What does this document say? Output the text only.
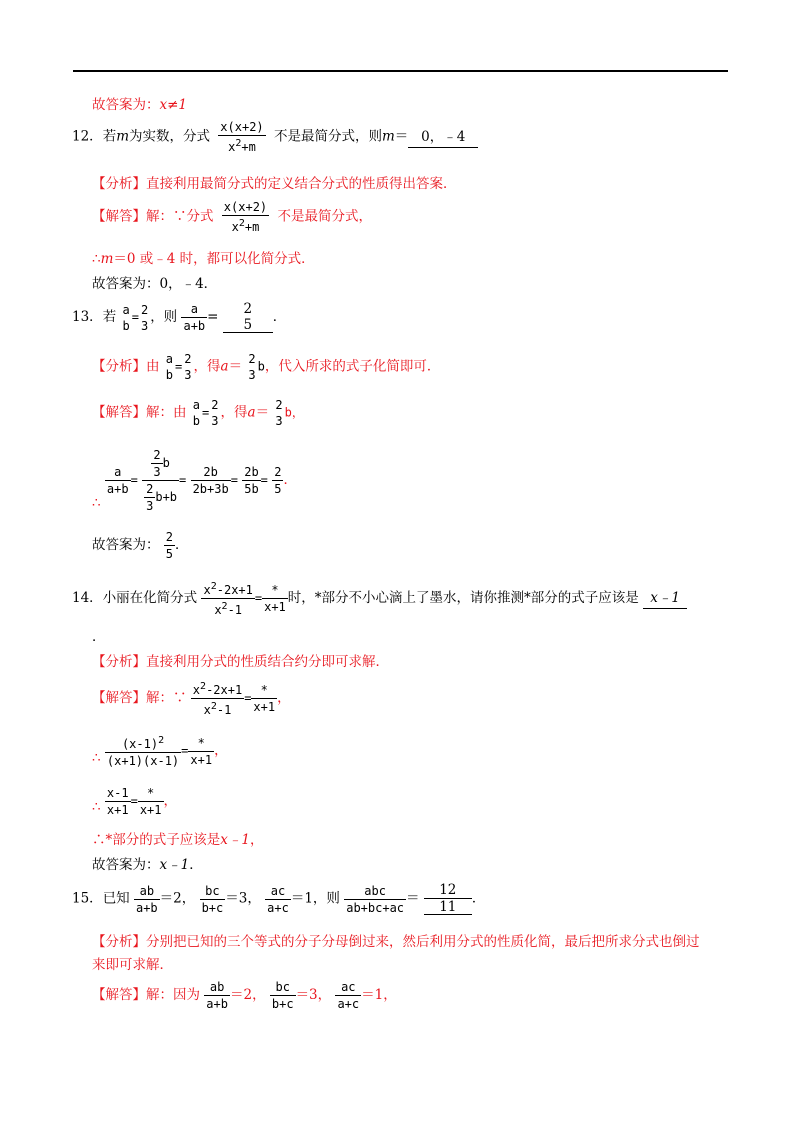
故答案为：x≠1
12．若m为实数，分式 $\frac{x(x+2)}{x^2+m}$ 不是最简分式，则m＝ 0，﹣4
【分析】直接利用最简分式的定义结合分式的性质得出答案．
【解答】解：∵分式 $\frac{x(x+2)}{x^2+m}$ 不是最简分式，
∴m＝0 或﹣4 时，都可以化简分式．
故答案为：0，﹣4．
13．若 a
b
=
2
3
，则 $\frac{a}{a+b}$ =	2
5	．
【分析】由 a
b
=
2
3
，得a＝ 2
3
b，代入所求的式子化简即可．
【解答】解：由 a
b
=
2
3
，得a＝ 2
3
b，
∴
$\frac{a}{a+b} = \frac{\frac{2}{3} b}{\frac{2}{3} b+b} = \frac{2b}{2b+3b} = \frac{2b}{5b} = \frac{2}{5}$ ．
故答案为： $\frac{2}{5}$ ．
14．小丽在化简分式 $\frac{x^2-2x+1}{x^2-1} = \frac{*}{x+1}$ 时，*部分不小心滴上了墨水，请你推测*部分的式子应该是 x﹣1
．
【分析】直接利用分式的性质结合约分即可求解．
【解答】解：∵ $\frac{x^2-2x+1}{x^2-1} = \frac{*}{x+1}$ ，
∴ $\frac{(x-1)^2}{(x+1)(x-1)} = \frac{*}{x+1}$ ，
∴ $\frac{x-1}{x+1} = \frac{*}{x+1}$ ，
∴*部分的式子应该是x﹣1，
故答案为：x﹣1．
15．已知 $\frac{ab}{a+b} =2$， $\frac{bc}{b+c} =3$， $\frac{ac}{a+c} =1$，则 $\frac{\text{abc}}{ab+bc+ac} = \frac{12}{11}$ ．
【分析】分别把已知的三个等式的分子分母倒过来，然后利用分式的性质化简，最后把所求分式也倒过
来即可求解．
【解答】解：因为 $\frac{ab}{a+b} =2$， $\frac{bc}{b+c} =3$， $\frac{ac}{a+c} =1$，
